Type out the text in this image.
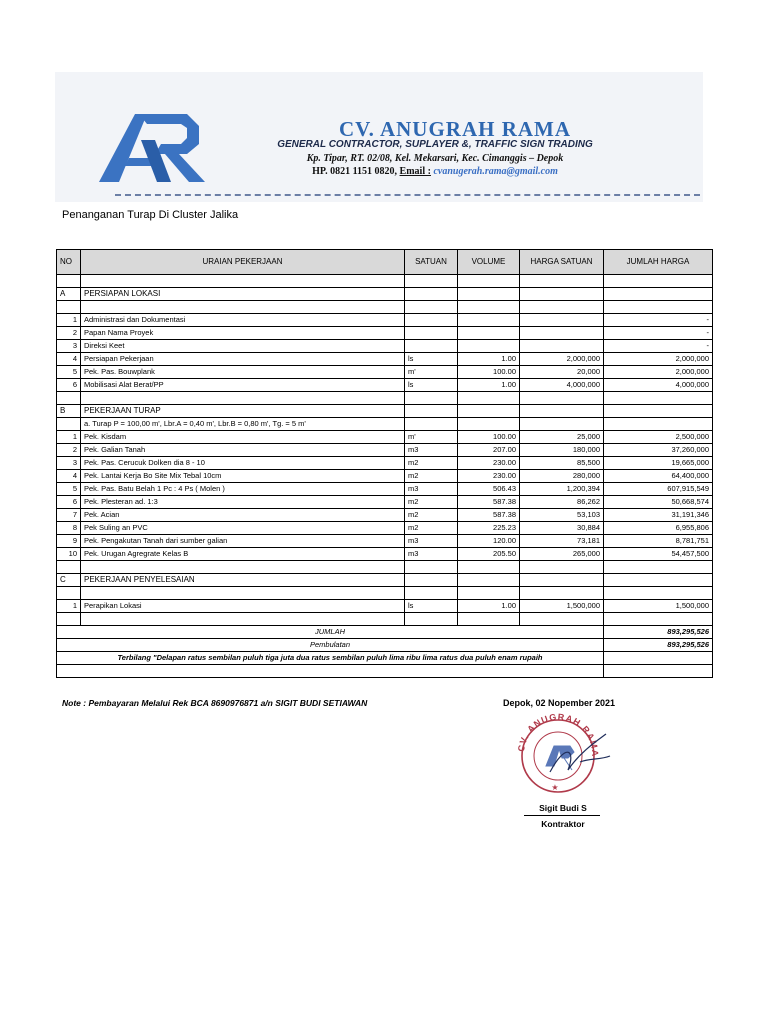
CV. ANUGRAH RAMA
GENERAL CONTRACTOR, SUPLAYER &, TRAFFIC SIGN TRADING
Kp. Tipar, RT. 02/08, Kel. Mekarsari, Kec. Cimanggis – Depok
HP. 0821 1151 0820, Email : cvanugerah.rama@gmail.com
Penanganan Turap Di Cluster Jalika
NO	URAIAN PEKERJAAN	SATUAN	VOLUME	HARGA SATUAN	JUMLAH HARGA

A	PERSIAPAN LOKASI				

1	Administrasi dan Dokumentasi				-
2	Papan Nama Proyek				-
3	Direksi Keet				-
4	Persiapan Pekerjaan	ls	1.00	2,000,000	2,000,000
5	Pek. Pas. Bouwplank	m'	100.00	20,000	2,000,000
6	Mobilisasi Alat Berat/PP	ls	1.00	4,000,000	4,000,000

B	PEKERJAAN TURAP				
	a. Turap P = 100,00 m', Lbr.A = 0,40 m', Lbr.B = 0,80 m', Tg. = 5 m'				
1	Pek. Kisdam	m'	100.00	25,000	2,500,000
2	Pek. Galian Tanah	m3	207.00	180,000	37,260,000
3	Pek. Pas. Cerucuk Dolken dia 8 - 10	m2	230.00	85,500	19,665,000
4	Pek. Lantai Kerja Bo Site Mix Tebal 10cm	m2	230.00	280,000	64,400,000
5	Pek. Pas. Batu Belah 1 Pc : 4 Ps ( Molen )	m3	506.43	1,200,394	607,915,549
6	Pek. Plesteran ad. 1:3	m2	587.38	86,262	50,668,574
7	Pek. Acian	m2	587.38	53,103	31,191,346
8	Pek Suling an PVC	m2	225.23	30,884	6,955,806
9	Pek. Pengakutan Tanah dari sumber galian	m3	120.00	73,181	8,781,751
10	Pek. Urugan Agregrate Kelas B	m3	205.50	265,000	54,457,500

C	PEKERJAAN PENYELESAIAN				

1	Perapikan Lokasi	ls	1.00	1,500,000	1,500,000

JUMLAH					893,295,526
Pembulatan					893,295,526
Terbilang "Delapan ratus sembilan puluh tiga juta dua ratus sembilan puluh lima ribu lima ratus dua puluh enam rupaih					

Note : Pembayaran Melalui Rek BCA 8690976871 a/n SIGIT BUDI SETIAWAN	Depok, 02 Nopember 2021
CV. ANUGRAH RAMA
★
Sigit Budi S
Kontraktor
